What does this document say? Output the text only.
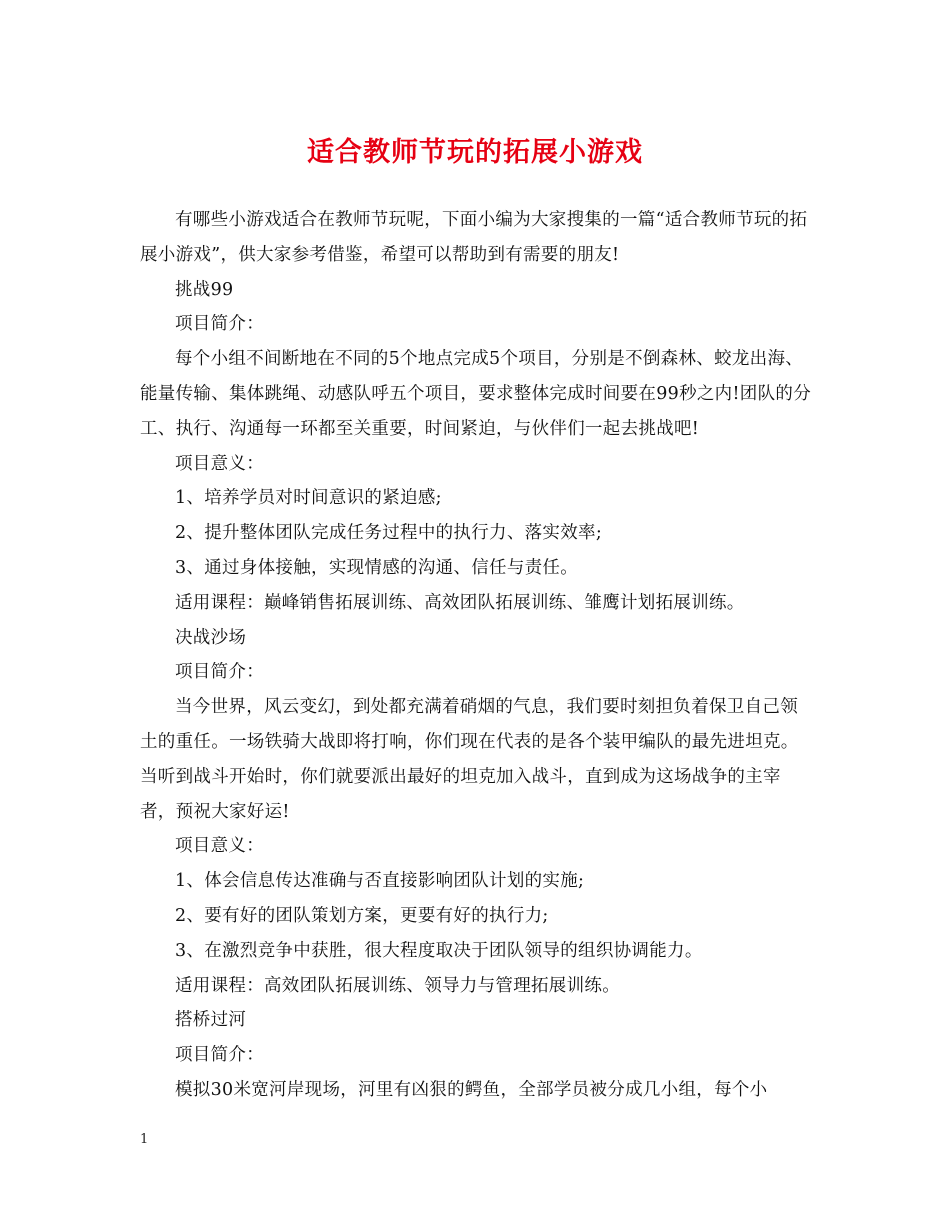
适合教师节玩的拓展小游戏

有哪些小游戏适合在教师节玩呢，下面小编为大家搜集的一篇“适合教师节玩的拓展小游戏”，供大家参考借鉴，希望可以帮助到有需要的朋友!

挑战99

项目简介：

每个小组不间断地在不同的5个地点完成5个项目，分别是不倒森林、蛟龙出海、能量传输、集体跳绳、动感队呼五个项目，要求整体完成时间要在99秒之内!团队的分工、执行、沟通每一环都至关重要，时间紧迫，与伙伴们一起去挑战吧!

项目意义：

1、培养学员对时间意识的紧迫感;

2、提升整体团队完成任务过程中的执行力、落实效率;

3、通过身体接触，实现情感的沟通、信任与责任。

适用课程：巅峰销售拓展训练、高效团队拓展训练、雏鹰计划拓展训练。

决战沙场

项目简介：

当今世界，风云变幻，到处都充满着硝烟的气息，我们要时刻担负着保卫自己领土的重任。一场铁骑大战即将打响，你们现在代表的是各个装甲编队的最先进坦克。当听到战斗开始时，你们就要派出最好的坦克加入战斗，直到成为这场战争的主宰者，预祝大家好运!

项目意义：

1、体会信息传达准确与否直接影响团队计划的实施;

2、要有好的团队策划方案，更要有好的执行力;

3、在激烈竞争中获胜，很大程度取决于团队领导的组织协调能力。

适用课程：高效团队拓展训练、领导力与管理拓展训练。

搭桥过河

项目简介：

模拟30米宽河岸现场，河里有凶狠的鳄鱼，全部学员被分成几小组，每个小

1
